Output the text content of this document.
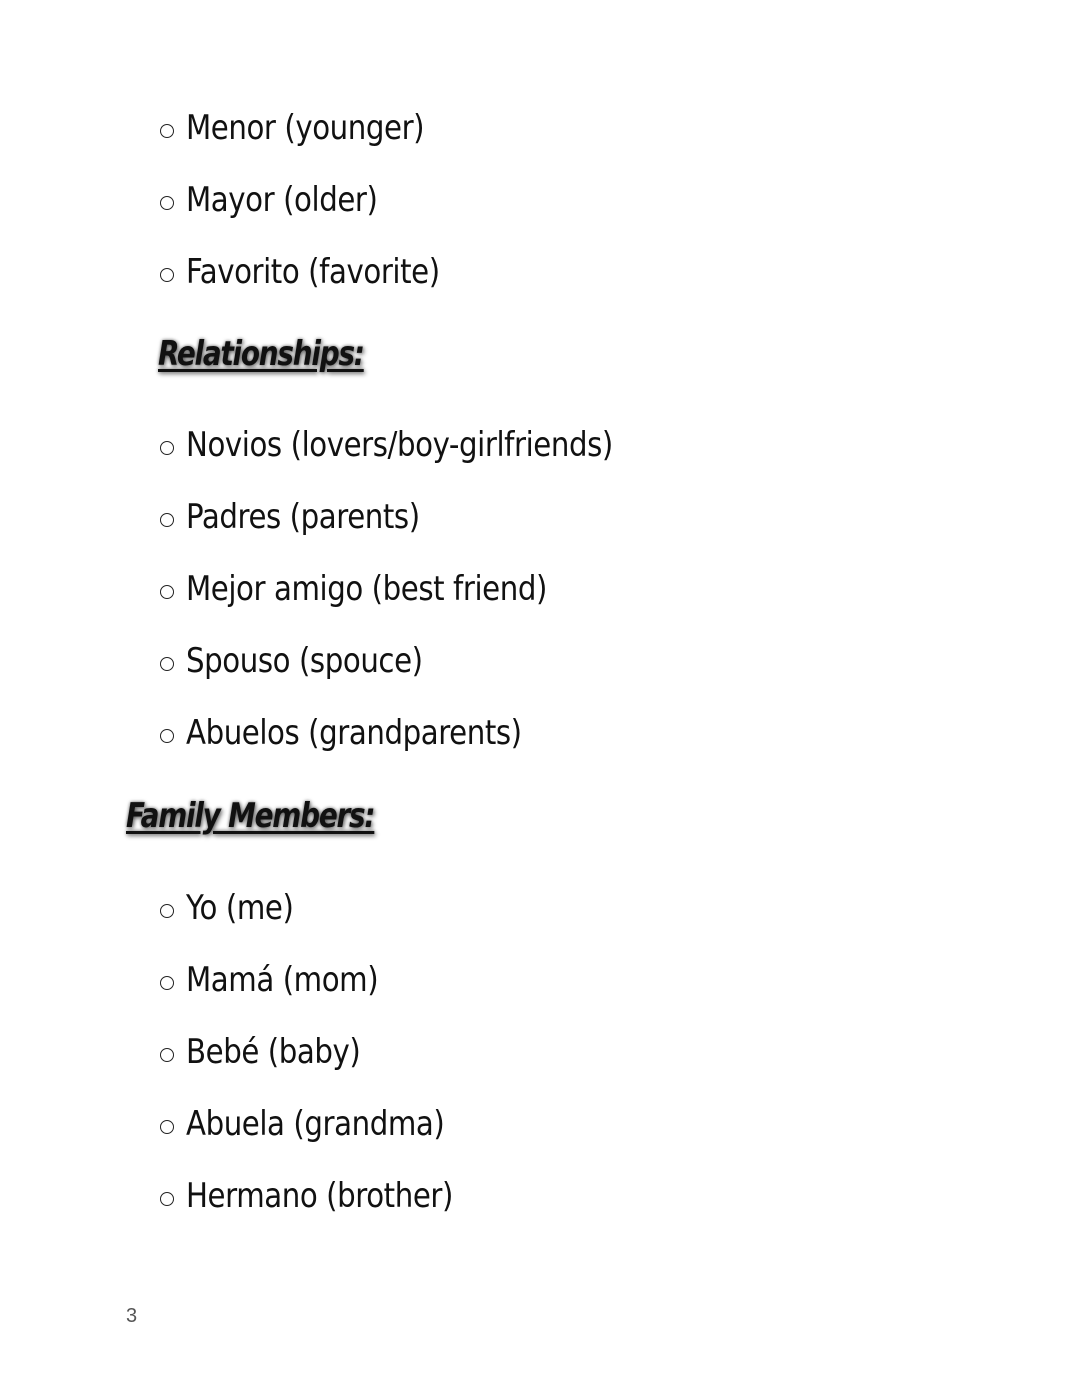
Menor (younger)
Mayor (older)
Favorito (favorite)
Relationships:
Novios (lovers/boy-girlfriends)
Padres (parents)
Mejor amigo (best friend)
Spouso (spouce)
Abuelos (grandparents)
Family Members:
Yo (me)
Mamá (mom)
Bebé (baby)
Abuela (grandma)
Hermano (brother)
3
